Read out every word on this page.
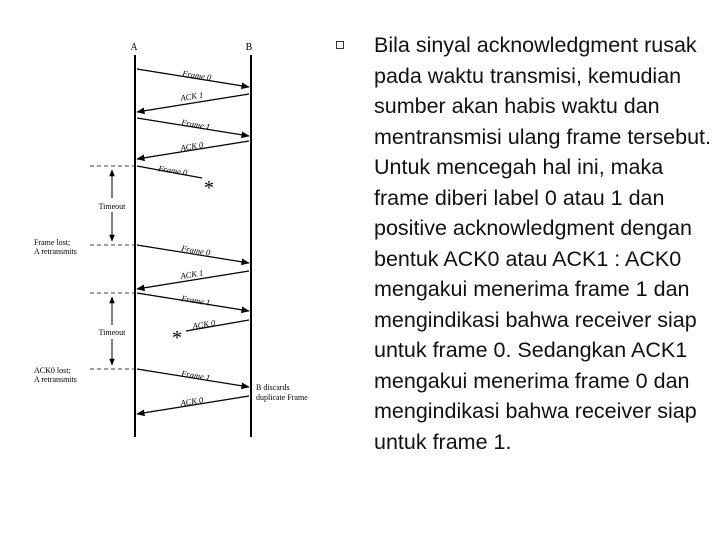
A	B
Frame 0
ACK 1
Frame 1
ACK 0
Frame 0
Frame 0
ACK 1
Frame 1
ACK 0
Frame 1
ACK 0
*
*
Timeout
Timeout
Frame lost;
A retransmits
ACK0 lost;
A retransmits
B discards
duplicate Frame
Bila sinyal acknowledgment rusak pada waktu transmisi, kemudian sumber akan habis waktu dan mentransmisi ulang frame tersebut. Untuk mencegah hal ini, maka frame diberi label 0 atau 1 dan positive acknowledgment dengan bentuk ACK0 atau ACK1 : ACK0 mengakui menerima frame 1 dan mengindikasi bahwa receiver siap untuk frame 0. Sedangkan ACK1 mengakui menerima frame 0 dan mengindikasi bahwa receiver siap untuk frame 1.
